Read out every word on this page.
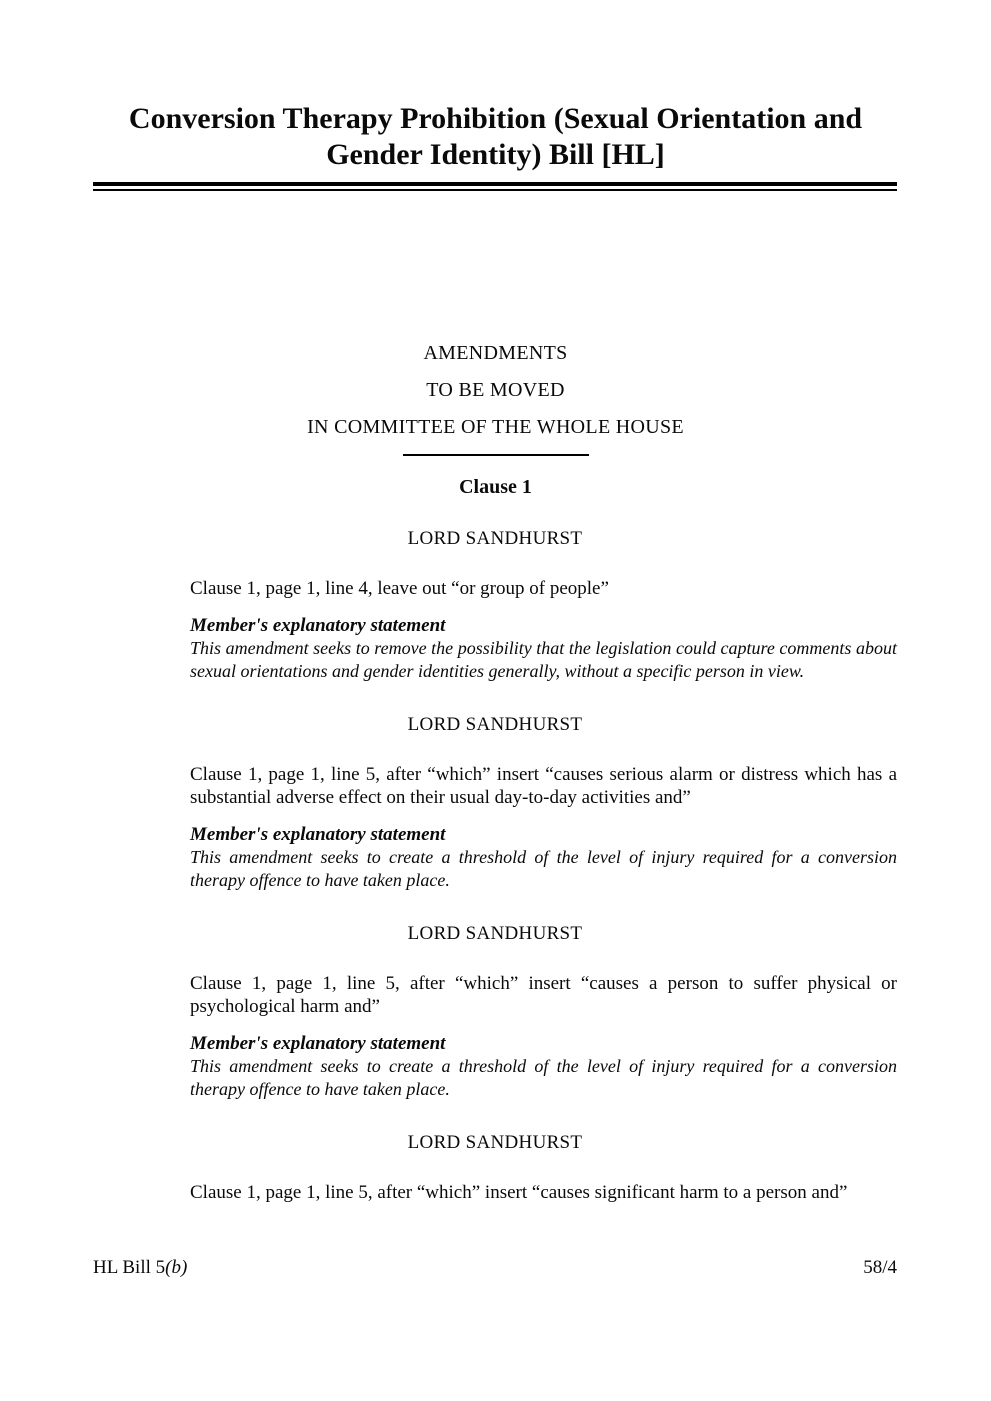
Conversion Therapy Prohibition (Sexual Orientation and
Gender Identity) Bill [HL]
AMENDMENTS
TO BE MOVED
IN COMMITTEE OF THE WHOLE HOUSE
Clause 1
LORD SANDHURST

Clause 1, page 1, line 4, leave out “or group of people”

Member's explanatory statement
This amendment seeks to remove the possibility that the legislation could capture comments about sexual orientations and gender identities generally, without a specific person in view.
LORD SANDHURST

Clause 1, page 1, line 5, after “which” insert “causes serious alarm or distress which has a substantial adverse effect on their usual day-to-day activities and”

Member's explanatory statement
This amendment seeks to create a threshold of the level of injury required for a conversion therapy offence to have taken place.
LORD SANDHURST

Clause 1, page 1, line 5, after “which” insert “causes a person to suffer physical or psychological harm and”

Member's explanatory statement
This amendment seeks to create a threshold of the level of injury required for a conversion therapy offence to have taken place.
LORD SANDHURST

Clause 1, page 1, line 5, after “which” insert “causes significant harm to a person and”

HL Bill 5(b)	58/4
